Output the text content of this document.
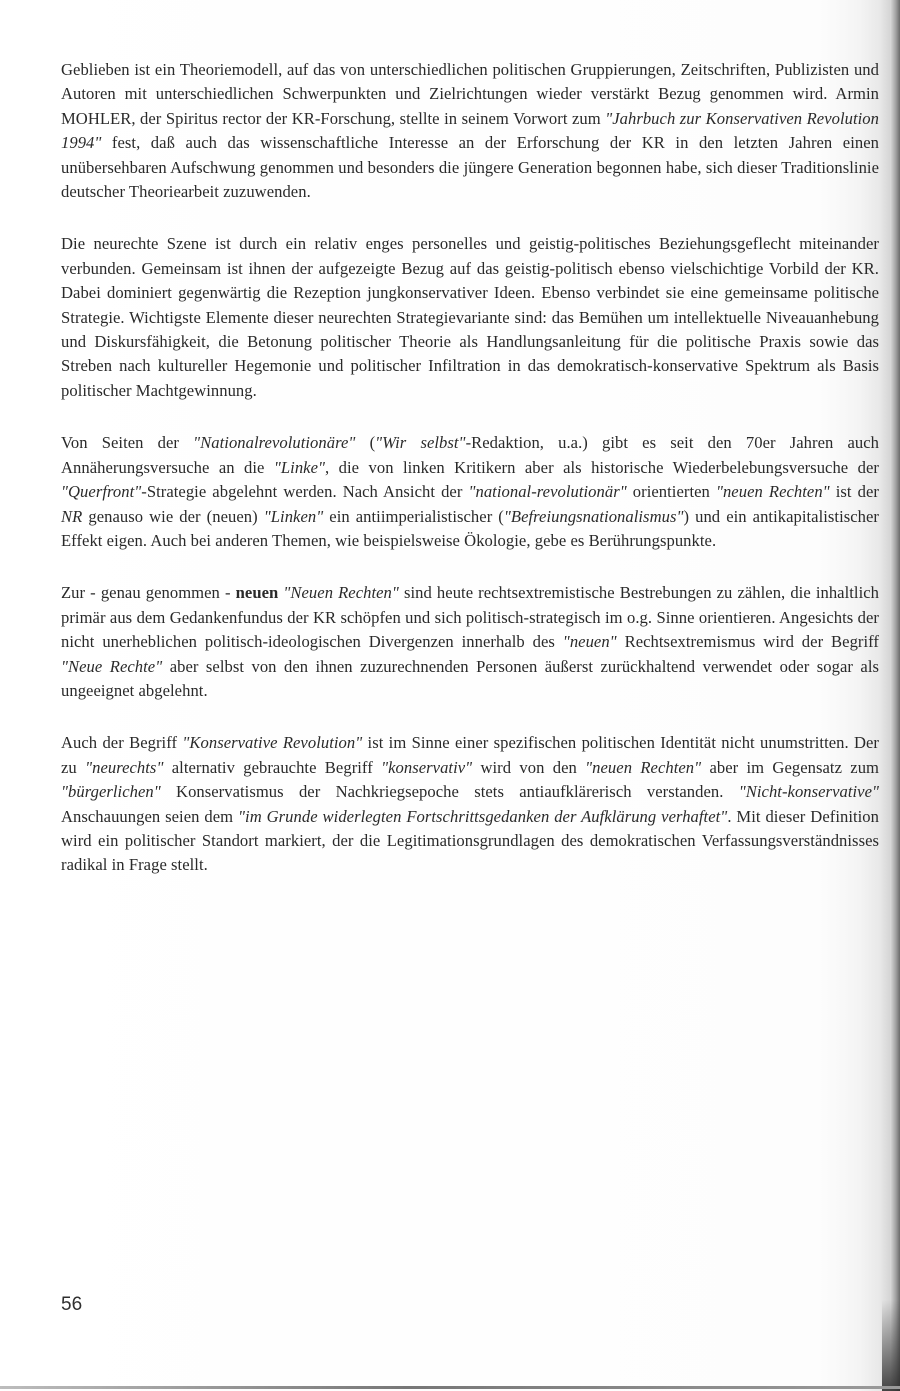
Geblieben ist ein Theoriemodell, auf das von unterschiedlichen politischen Gruppierungen, Zeitschriften, Publizisten und Autoren mit unterschiedlichen Schwerpunkten und Zielrichtungen wieder verstärkt Bezug genommen wird. Armin MOHLER, der Spiritus rector der KR-Forschung, stellte in seinem Vorwort zum "Jahrbuch zur Konservativen Revolution 1994" fest, daß auch das wissenschaftliche Interesse an der Erforschung der KR in den letzten Jahren einen unübersehbaren Aufschwung genommen und besonders die jüngere Generation begonnen habe, sich dieser Traditionslinie deutscher Theoriearbeit zuzuwenden.

Die neurechte Szene ist durch ein relativ enges personelles und geistig-politisches Beziehungsgeflecht miteinander verbunden. Gemeinsam ist ihnen der aufgezeigte Bezug auf das geistig-politisch ebenso vielschichtige Vorbild der KR. Dabei dominiert gegenwärtig die Rezeption jungkonservativer Ideen. Ebenso verbindet sie eine gemeinsame politische Strategie. Wichtigste Elemente dieser neurechten Strategievariante sind: das Bemühen um intellektuelle Niveauanhebung und Diskursfähigkeit, die Betonung politischer Theorie als Handlungsanleitung für die politische Praxis sowie das Streben nach kultureller Hegemonie und politischer Infiltration in das demokratisch-konservative Spektrum als Basis politischer Machtgewinnung.

Von Seiten der "Nationalrevolutionäre" ("Wir selbst"-Redaktion, u.a.) gibt es seit den 70er Jahren auch Annäherungsversuche an die "Linke", die von linken Kritikern aber als historische Wiederbelebungsversuche der "Querfront"-Strategie abgelehnt werden. Nach Ansicht der "national-revolutionär" orientierten "neuen Rechten" ist der NR genauso wie der (neuen) "Linken" ein antiimperialistischer ("Befreiungsnationalismus") und ein antikapitalistischer Effekt eigen. Auch bei anderen Themen, wie beispielsweise Ökologie, gebe es Berührungspunkte.

Zur - genau genommen - neuen "Neuen Rechten" sind heute rechtsextremistische Bestrebungen zu zählen, die inhaltlich primär aus dem Gedankenfundus der KR schöpfen und sich politisch-strategisch im o.g. Sinne orientieren. Angesichts der nicht unerheblichen politisch-ideologischen Divergenzen innerhalb des "neuen" Rechtsextremismus wird der Begriff "Neue Rechte" aber selbst von den ihnen zuzurechnenden Personen äußerst zurückhaltend verwendet oder sogar als ungeeignet abgelehnt.

Auch der Begriff "Konservative Revolution" ist im Sinne einer spezifischen politischen Identität nicht unumstritten. Der zu "neurechts" alternativ gebrauchte Begriff "konservativ" wird von den "neuen Rechten" aber im Gegensatz zum "bürgerlichen" Konservatismus der Nachkriegsepoche stets antiaufklärerisch verstanden. "Nicht-konservative" Anschauungen seien dem "im Grunde widerlegten Fortschrittsgedanken der Aufklärung verhaftet". Mit dieser Definition wird ein politischer Standort markiert, der die Legitimationsgrundlagen des demokratischen Verfassungsverständnisses radikal in Frage stellt.

56
